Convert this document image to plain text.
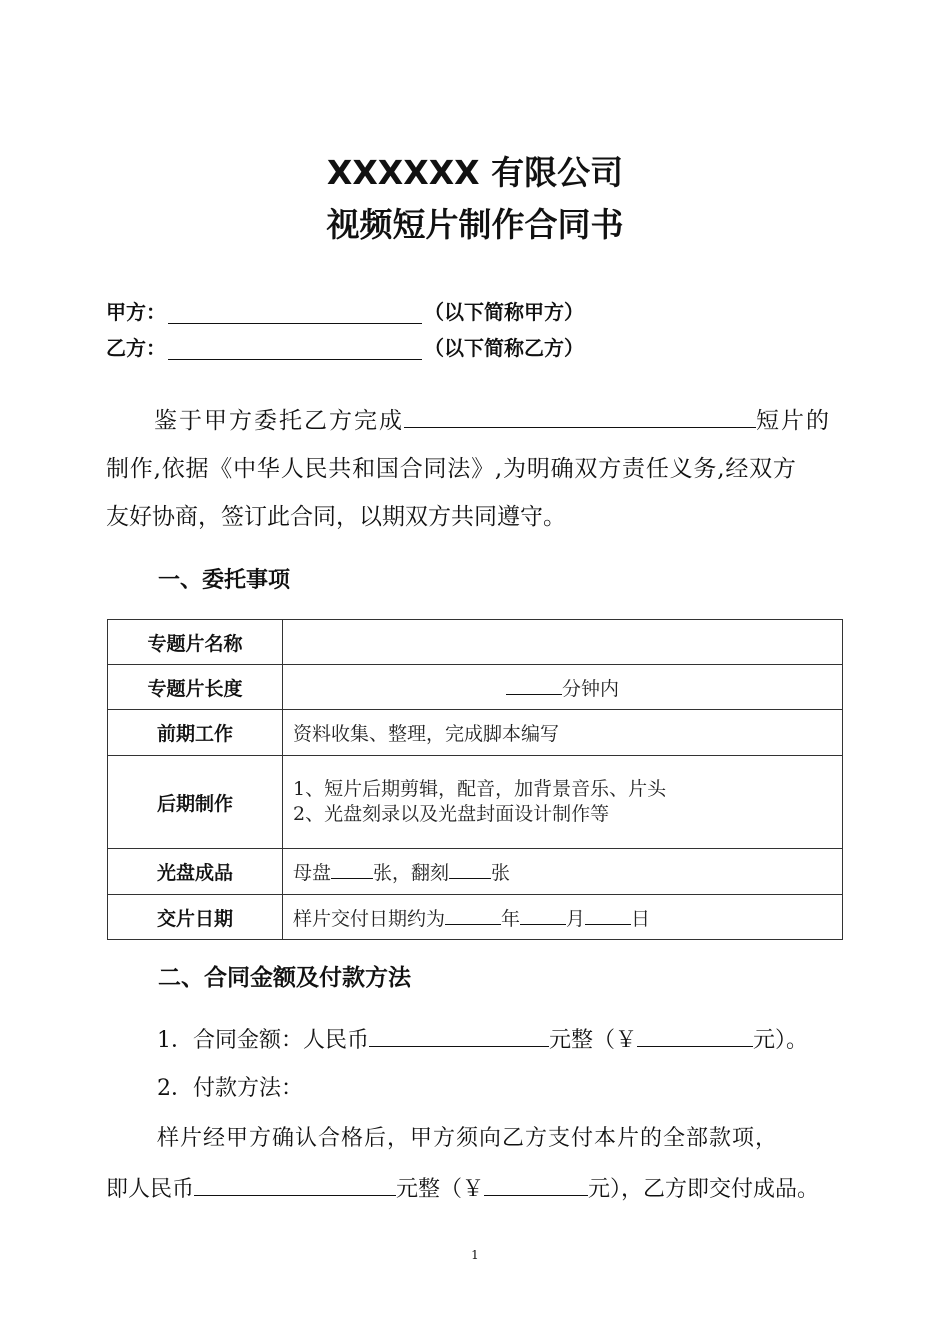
XXXXXX 有限公司
视频短片制作合同书
甲方：	（以下简称甲方）
乙方：	（以下简称乙方）
鉴于甲方委托乙方完成	短片的
制作,依据《中华人民共和国合同法》,为明确双方责任义务,经双方
友好协商，签订此合同，以期双方共同遵守。
一、委托事项
专题片名称	
专题片长度	分钟内
前期工作	资料收集、整理，完成脚本编写
后期制作	1、短片后期剪辑，配音，加背景音乐、片头
2、光盘刻录以及光盘封面设计制作等

光盘成品	母盘 张，翻刻 张
交片日期	样片交付日期约为 年 月 日
二、合同金额及付款方法
1．合同金额：人民币	元整（￥	元）。
2．付款方法：
样片经甲方确认合格后，甲方须向乙方支付本片的全部款项，
即人民币	元整（￥	元），乙方即交付成品。
1
